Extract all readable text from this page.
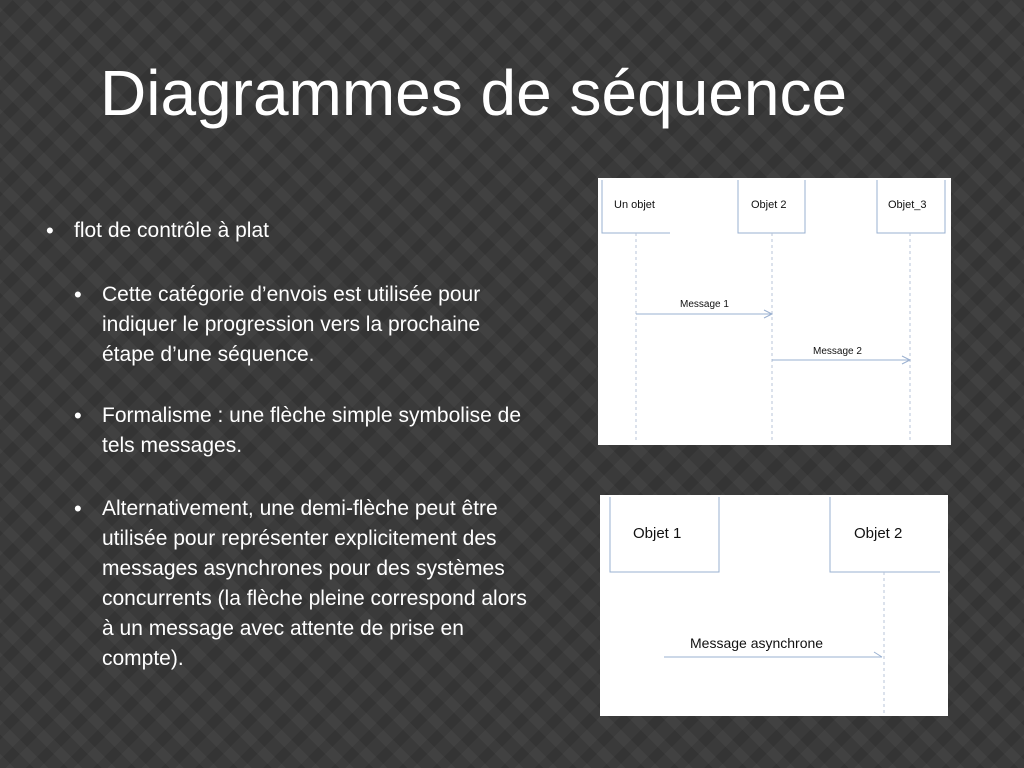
Diagrammes de séquence
• flot de contrôle à plat
• Cette catégorie d’envois est utilisée pour indiquer le progression vers la prochaine étape d’une séquence.
• Formalisme : une flèche simple symbolise de tels messages.
• Alternativement, une demi-flèche peut être utilisée pour représenter explicitement des messages asynchrones pour des systèmes concurrents (la flèche pleine correspond alors à un message avec attente de prise en compte).
Un objet	Objet 2	Objet_3
Message 1
Message 2
Objet 1	Objet 2
Message asynchrone
